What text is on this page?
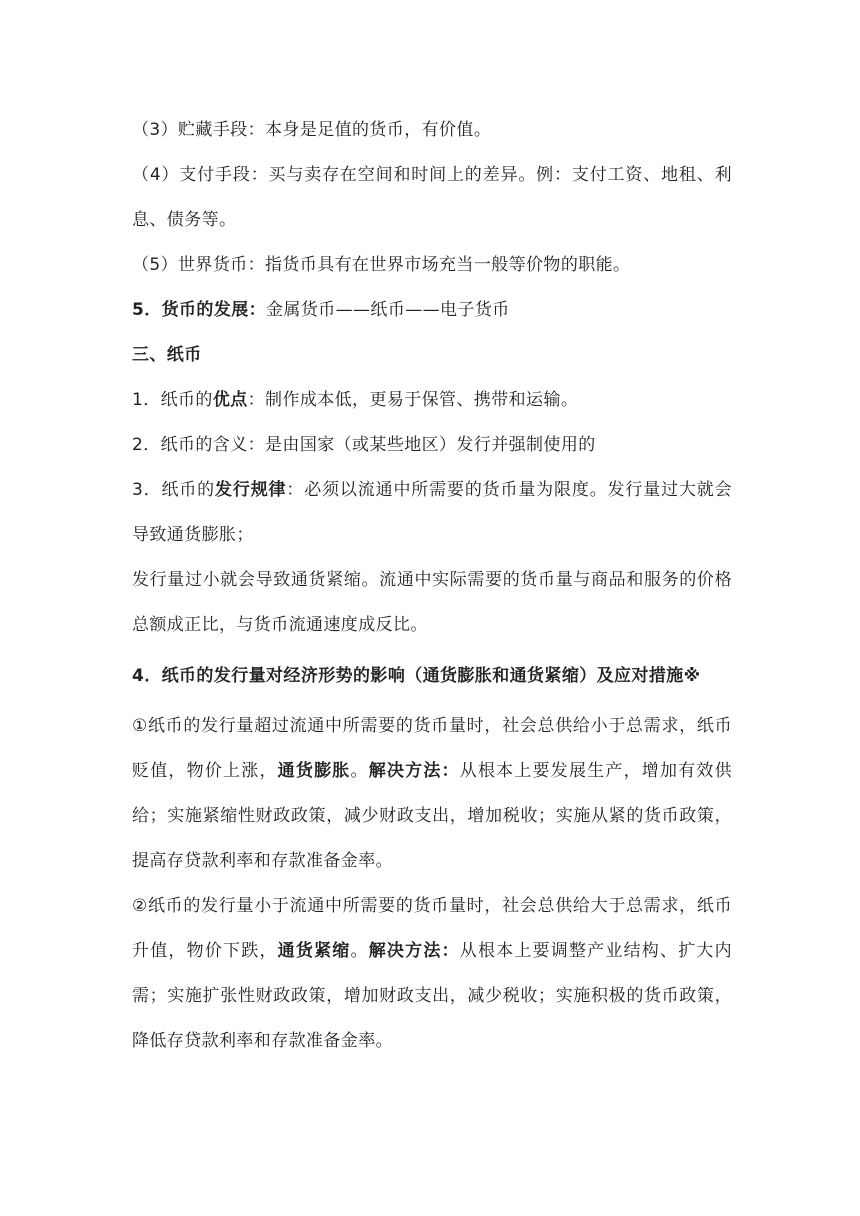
（3）贮藏手段：本身是足值的货币，有价值。

（4）支付手段：买与卖存在空间和时间上的差异。例：支付工资、地租、利息、债务等。

（5）世界货币：指货币具有在世界市场充当一般等价物的职能。

5．货币的发展：金属货币——纸币——电子货币

三、纸币

1．纸币的优点：制作成本低，更易于保管、携带和运输。

2．纸币的含义：是由国家（或某些地区）发行并强制使用的

3．纸币的发行规律：必须以流通中所需要的货币量为限度。发行量过大就会导致通货膨胀；

发行量过小就会导致通货紧缩。流通中实际需要的货币量与商品和服务的价格总额成正比，与货币流通速度成反比。

4．纸币的发行量对经济形势的影响（通货膨胀和通货紧缩）及应对措施※

①纸币的发行量超过流通中所需要的货币量时，社会总供给小于总需求，纸币贬值，物价上涨，通货膨胀。解决方法：从根本上要发展生产，增加有效供给；实施紧缩性财政政策，减少财政支出，增加税收；实施从紧的货币政策，提高存贷款利率和存款准备金率。

②纸币的发行量小于流通中所需要的货币量时，社会总供给大于总需求，纸币升值，物价下跌，通货紧缩。解决方法：从根本上要调整产业结构、扩大内需；实施扩张性财政政策，增加财政支出，减少税收；实施积极的货币政策，降低存贷款利率和存款准备金率。
